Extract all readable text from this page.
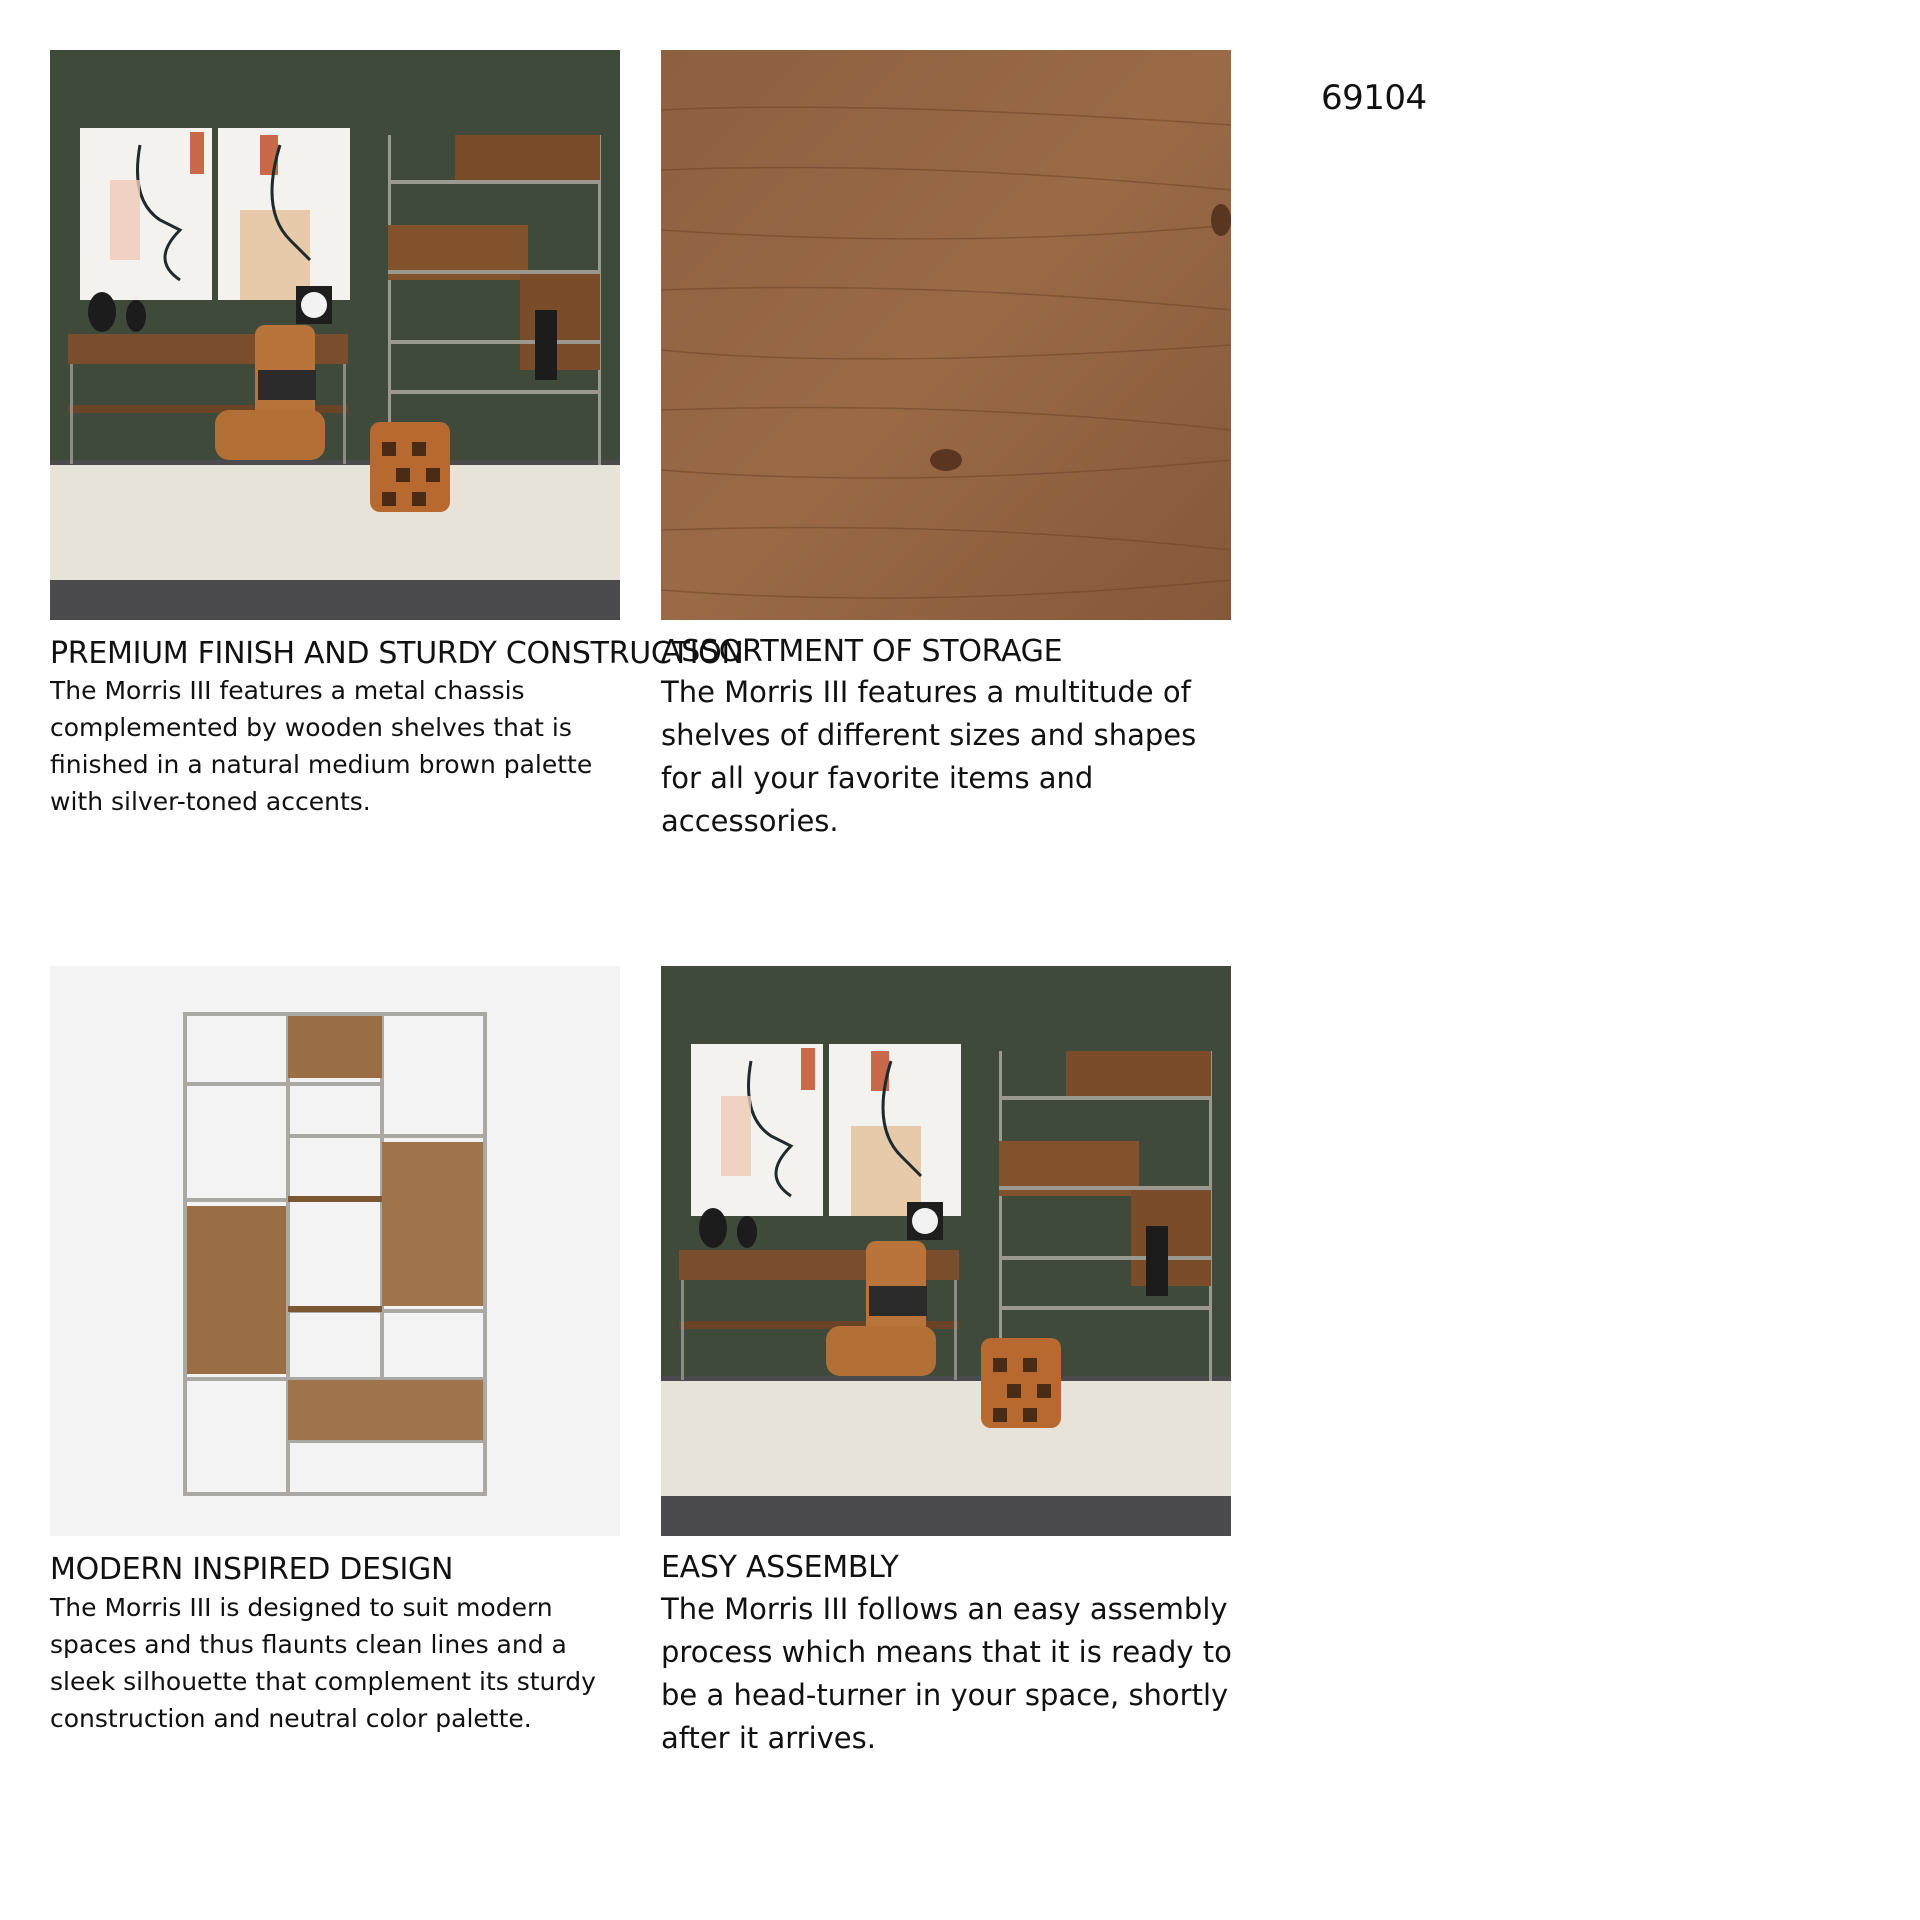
69104
PREMIUM FINISH AND STURDY CONSTRUCTION
The Morris III features a metal chassis complemented by wooden shelves that is finished in a natural medium brown palette with silver-toned accents.
ASSORTMENT OF STORAGE
The Morris III features a multitude of shelves of different sizes and shapes for all your favorite items and accessories.
MODERN INSPIRED DESIGN
The Morris III is designed to suit modern spaces and thus flaunts clean lines and a sleek silhouette that complement its sturdy construction and neutral color palette.
EASY ASSEMBLY
The Morris III follows an easy assembly process which means that it is ready to be a head-turner in your space, shortly after it arrives.
